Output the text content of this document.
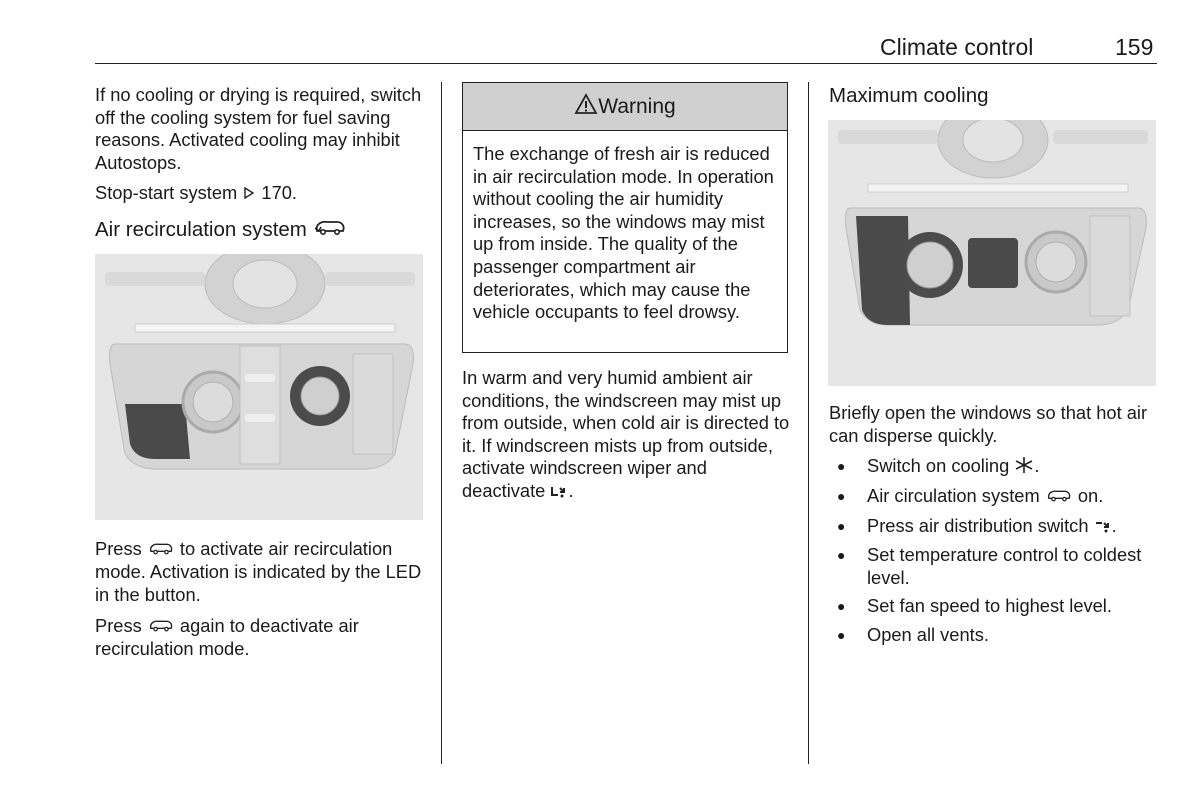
Climate control	159

If no cooling or drying is required, switch off the cooling system for fuel saving reasons. Activated cooling may inhibit Autostops.

Stop-start system 170.

Air recirculation system

Press to activate air recirculation mode. Activation is indicated by the LED in the button.

Press again to deactivate air recirculation mode.

Warning
The exchange of fresh air is reduced in air recirculation mode. In operation without cooling the air humidity increases, so the windows may mist up from inside. The quality of the passenger compartment air deteriorates, which may cause the vehicle occupants to feel drowsy.

In warm and very humid ambient air conditions, the windscreen may mist up from outside, when cold air is directed to it. If windscreen mists up from outside, activate windscreen wiper and deactivate .

Maximum cooling

Briefly open the windows so that hot air can disperse quickly.

● Switch on cooling .
● Air circulation system on.
● Press air distribution switch .
● Set temperature control to coldest level.
● Set fan speed to highest level.
● Open all vents.
